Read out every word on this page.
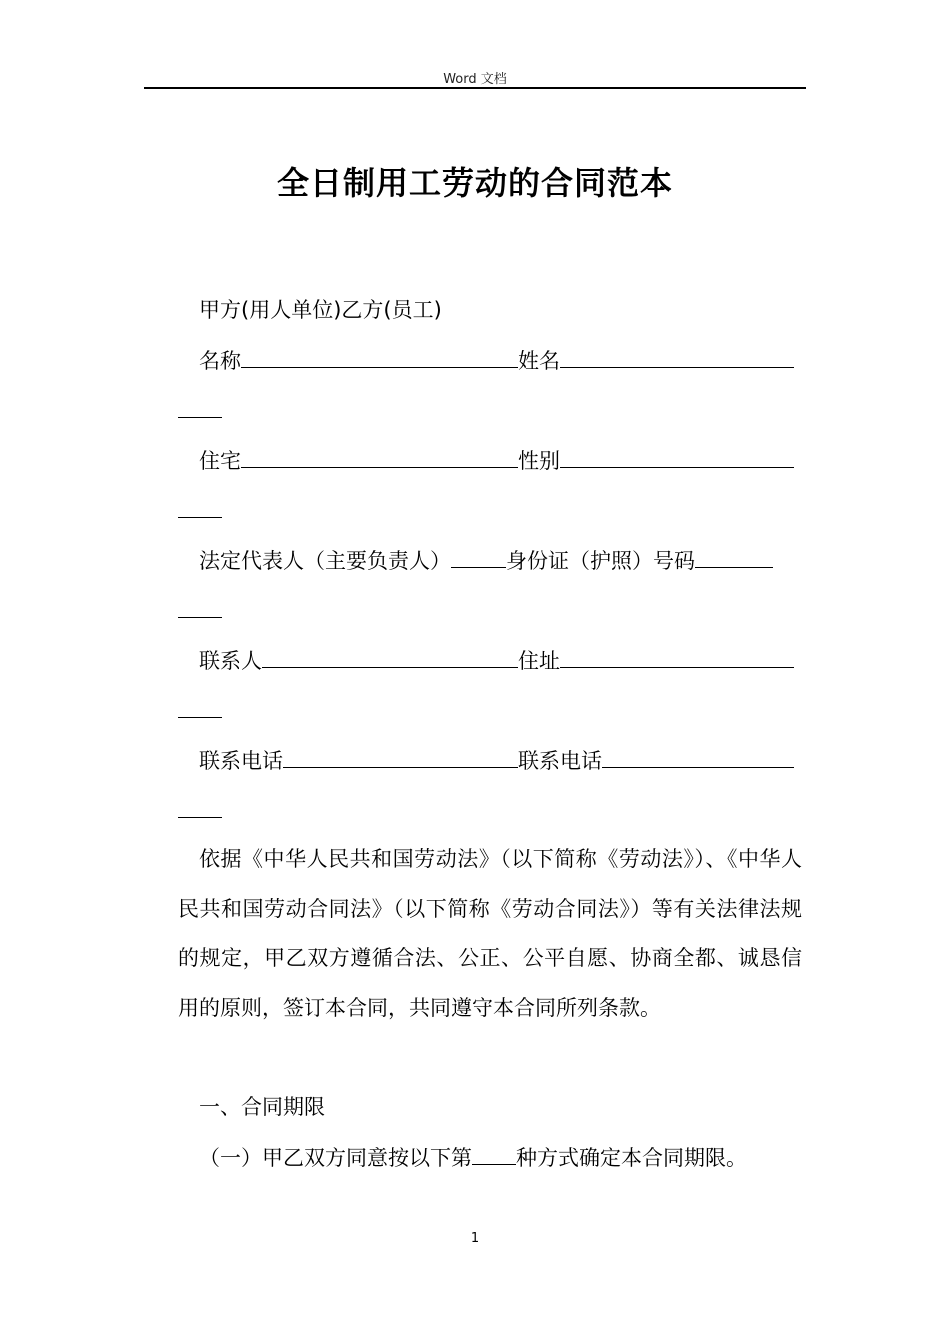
Word 文档
全日制用工劳动的合同范本
甲方(用人单位)乙方(员工)
名称	姓名
住宅	性别
法定代表人（主要负责人）	身份证（护照）号码
联系人	住址
联系电话	联系电话
依据《中华人民共和国劳动法》（以下简称《劳动法》）、《中华人民共和国劳动合同法》（以下简称《劳动合同法》）等有关法律法规的规定，甲乙双方遵循合法、公正、公平自愿、协商全都、诚恳信用的原则，签订本合同，共同遵守本合同所列条款。
一、合同期限
（一）甲乙双方同意按以下第 种方式确定本合同期限。
1
